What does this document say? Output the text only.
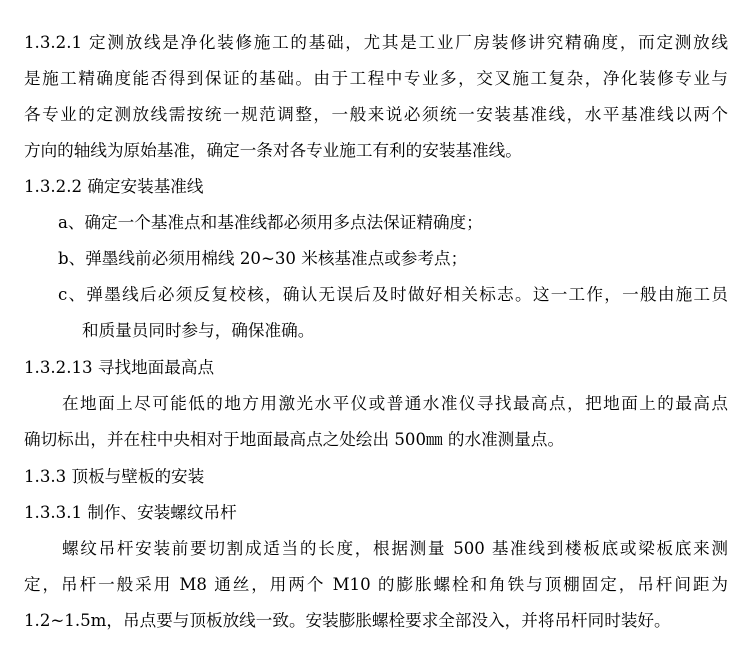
1.3.2.1 定测放线是净化装修施工的基础，尤其是工业厂房装修讲究精确度，而定测放线
是施工精确度能否得到保证的基础。由于工程中专业多，交叉施工复杂，净化装修专业与
各专业的定测放线需按统一规范调整，一般来说必须统一安装基准线，水平基准线以两个
方向的轴线为原始基准，确定一条对各专业施工有利的安装基准线。
1.3.2.2 确定安装基准线
a、确定一个基准点和基准线都必须用多点法保证精确度；
b、弹墨线前必须用棉线 20~30 米核基准点或参考点；
c、弹墨线后必须反复校核，确认无误后及时做好相关标志。这一工作，一般由施工员
和质量员同时参与，确保准确。
1.3.2.13 寻找地面最高点
在地面上尽可能低的地方用激光水平仪或普通水准仪寻找最高点，把地面上的最高点
确切标出，并在柱中央相对于地面最高点之处绘出 500㎜ 的水准测量点。
1.3.3 顶板与壁板的安装
1.3.3.1 制作、安装螺纹吊杆
螺纹吊杆安装前要切割成适当的长度，根据测量 500 基准线到楼板底或梁板底来测
定，吊杆一般采用 M8 通丝，用两个 M10 的膨胀螺栓和角铁与顶棚固定，吊杆间距为
1.2~1.5m，吊点要与顶板放线一致。安装膨胀螺栓要求全部没入，并将吊杆同时装好。
